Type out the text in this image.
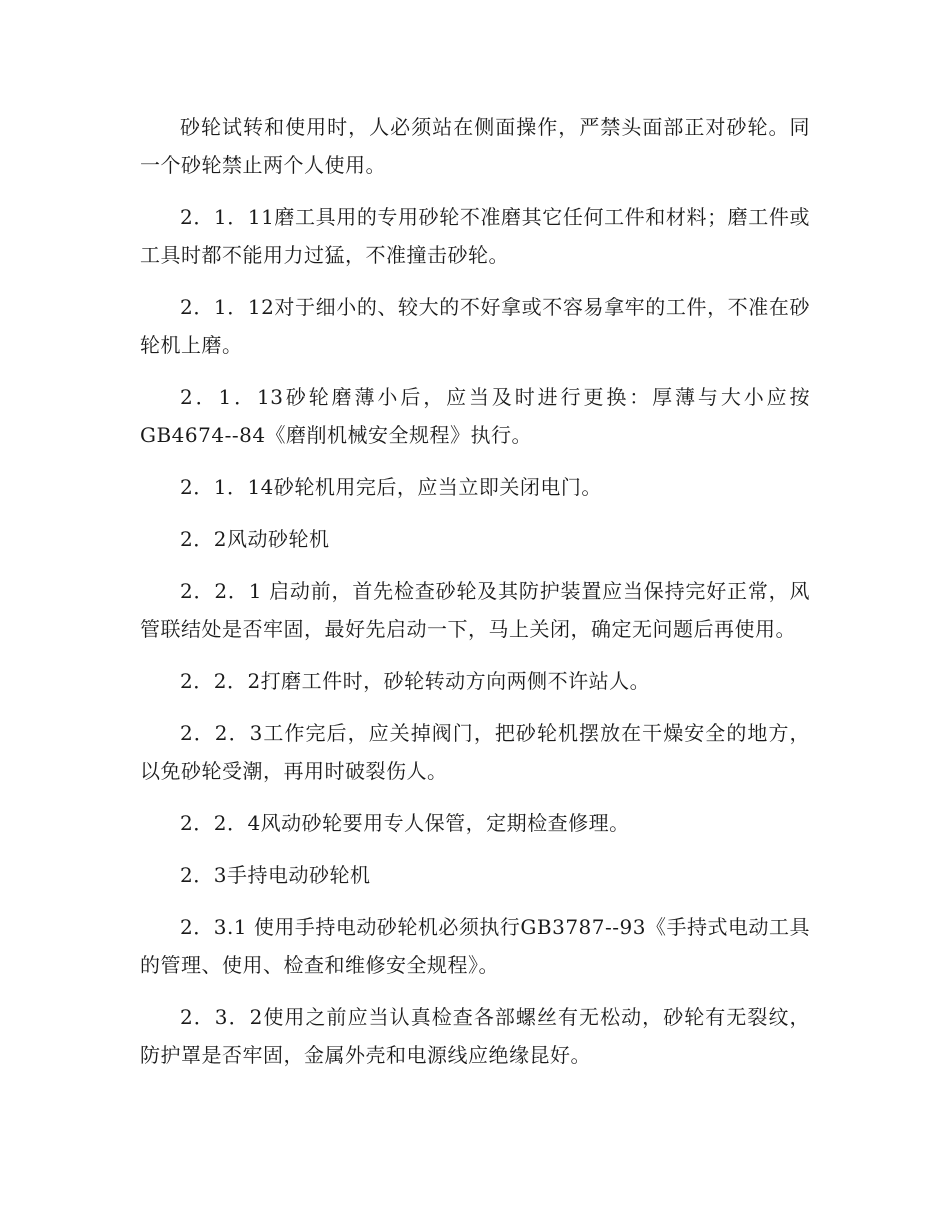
砂轮试转和使用时，人必须站在侧面操作，严禁头面部正对砂轮。同一个砂轮禁止两个人使用。

2．1．11磨工具用的专用砂轮不准磨其它任何工件和材料；磨工件或工具时都不能用力过猛，不准撞击砂轮。

2．1．12对于细小的、较大的不好拿或不容易拿牢的工件，不准在砂轮机上磨。

2．1．13砂轮磨薄小后，应当及时进行更换：厚薄与大小应按GB4674--84《磨削机械安全规程》执行。

2．1．14砂轮机用完后，应当立即关闭电门。

2．2风动砂轮机

2．2．1 启动前，首先检查砂轮及其防护装置应当保持完好正常，风管联结处是否牢固，最好先启动一下，马上关闭，确定无问题后再使用。

2．2．2打磨工件时，砂轮转动方向两侧不许站人。

2．2．3工作完后，应关掉阀门，把砂轮机摆放在干燥安全的地方，以免砂轮受潮，再用时破裂伤人。

2．2．4风动砂轮要用专人保管，定期检查修理。

2．3手持电动砂轮机

2．3.1 使用手持电动砂轮机必须执行GB3787--93《手持式电动工具的管理、使用、检查和维修安全规程》。

2．3．2使用之前应当认真检查各部螺丝有无松动，砂轮有无裂纹，防护罩是否牢固，金属外壳和电源线应绝缘昆好。
